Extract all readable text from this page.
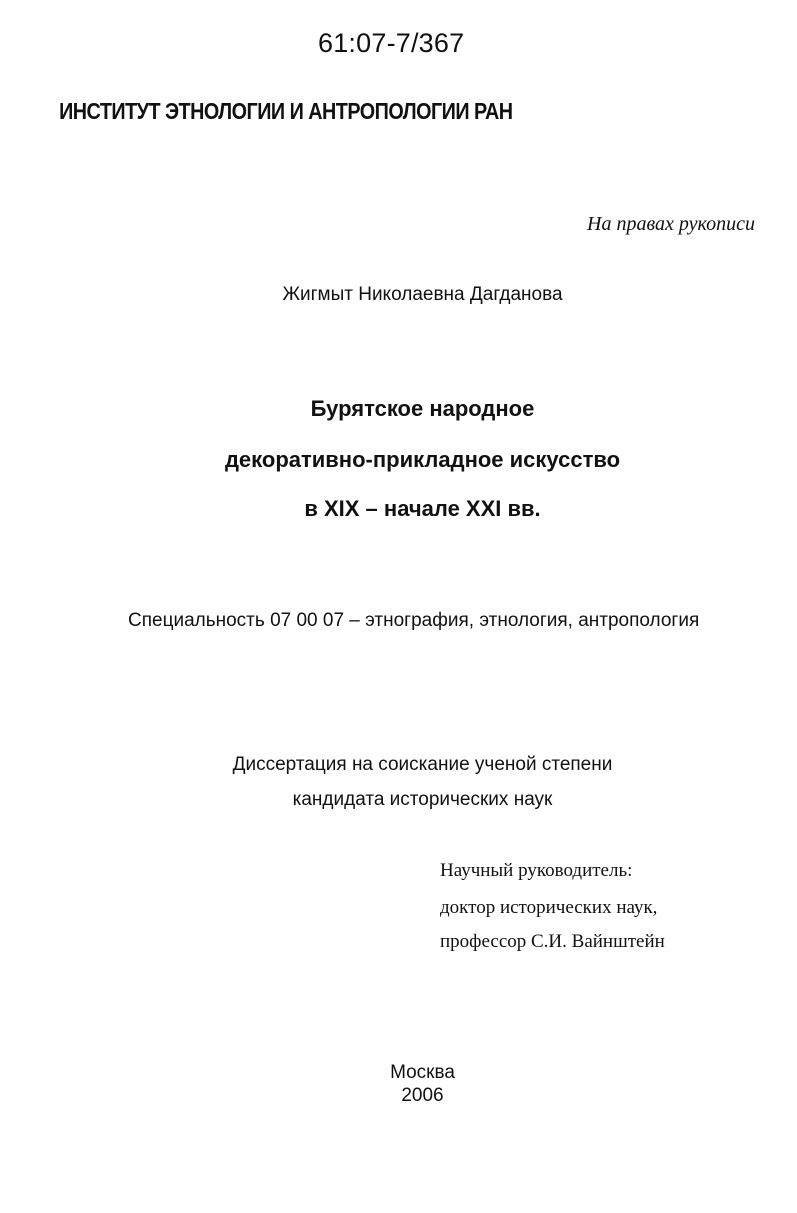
61:07-7/367
ИНСТИТУТ ЭТНОЛОГИИ И АНТРОПОЛОГИИ РАН
На правах рукописи
Жигмыт Николаевна Дагданова
Бурятское народное
декоративно-прикладное искусство
в XIX – начале XXI вв.
Специальность 07 00 07 – этнография, этнология, антропология
Диссертация на соискание ученой степени
кандидата исторических наук
Научный руководитель:
доктор исторических наук,
профессор С.И. Вайнштейн
Москва
2006
